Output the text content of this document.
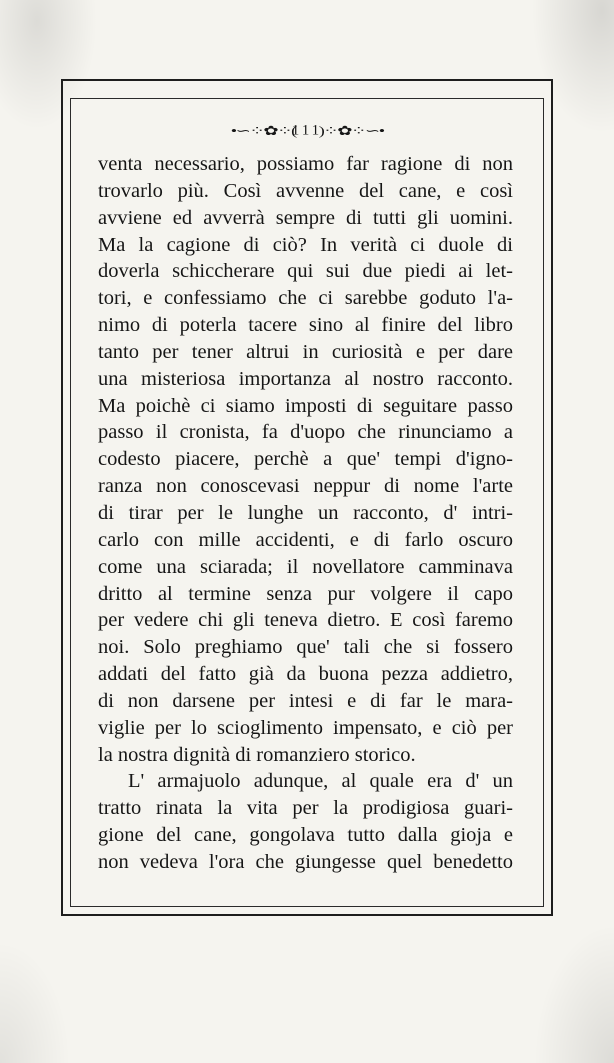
•∽⁘✿⁘( 111 )⁘✿⁘∽•
venta necessario, possiamo far ragione di non
trovarlo più. Così avvenne del cane, e così
avviene ed avverrà sempre di tutti gli uomini.
Ma la cagione di ciò? In verità ci duole di
doverla schiccherare qui sui due piedi ai let-
tori, e confessiamo che ci sarebbe goduto l'a-
nimo di poterla tacere sino al finire del libro
tanto per tener altrui in curiosità e per dare
una misteriosa importanza al nostro racconto.
Ma poichè ci siamo imposti di seguitare passo
passo il cronista, fa d'uopo che rinunciamo a
codesto piacere, perchè a que' tempi d'igno-
ranza non conoscevasi neppur di nome l'arte
di tirar per le lunghe un racconto, d' intri-
carlo con mille accidenti, e di farlo oscuro
come una sciarada; il novellatore camminava
dritto al termine senza pur volgere il capo
per vedere chi gli teneva dietro. E così faremo
noi. Solo preghiamo que' tali che si fossero
addati del fatto già da buona pezza addietro,
di non darsene per intesi e di far le mara-
viglie per lo scioglimento impensato, e ciò per
la nostra dignità di romanziero storico.
L' armajuolo adunque, al quale era d' un
tratto rinata la vita per la prodigiosa guari-
gione del cane, gongolava tutto dalla gioja e
non vedeva l'ora che giungesse quel benedetto
